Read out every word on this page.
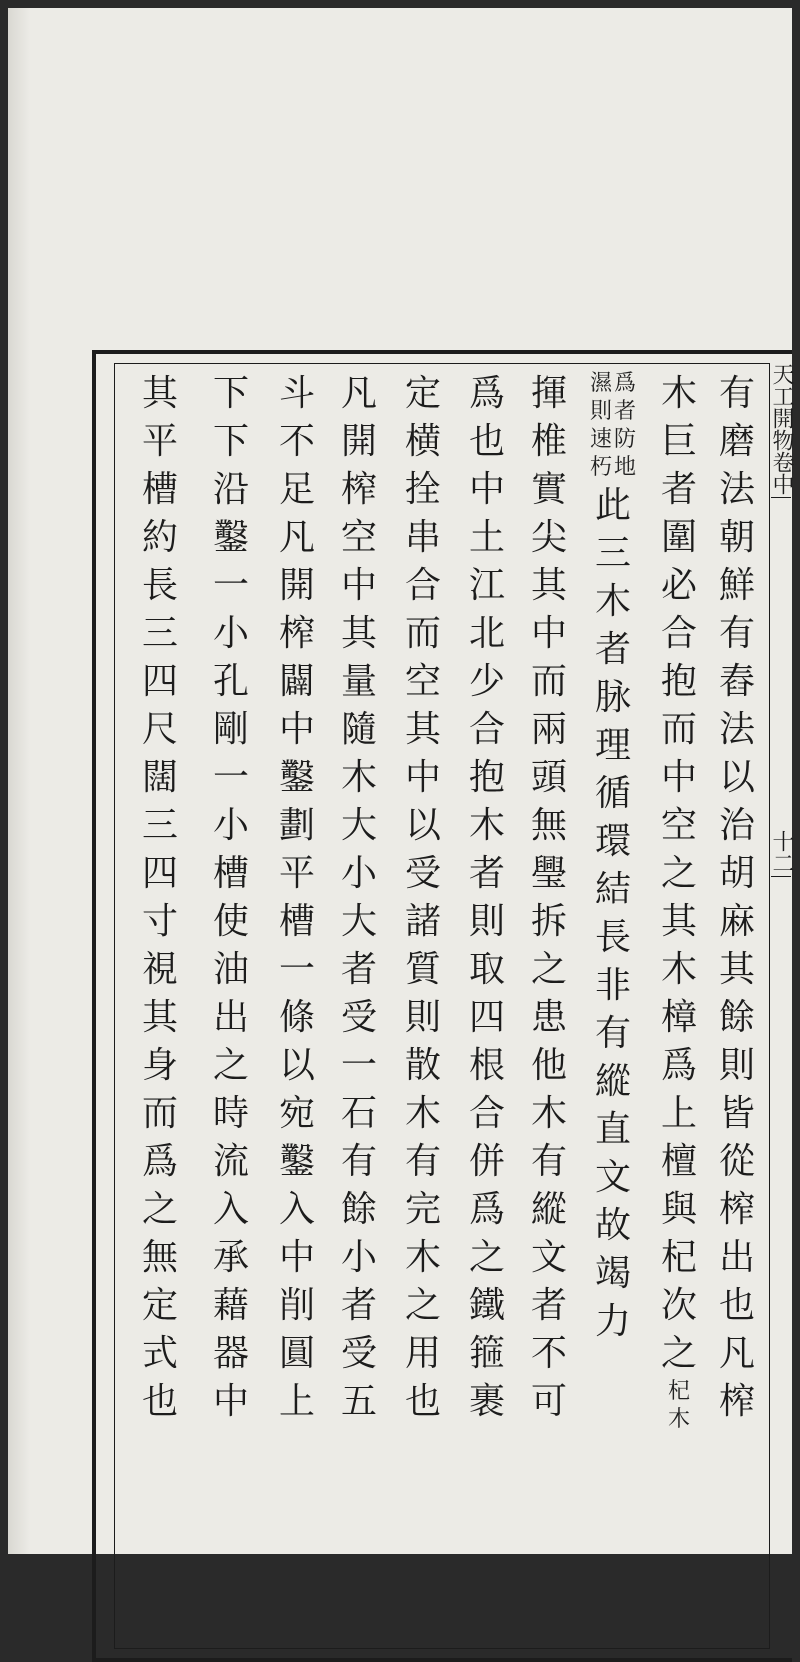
天工開物
卷中
十二
有
磨
法
朝
鮮
有
舂
法
以
治
胡
麻
其
餘
則
皆
從
榨
出
也
凡
榨
木
巨
者
圍
必
合
抱
而
中
空
之
其
木
樟
爲
上
檀
與
杞
次
之
杞
木
爲
者
防
地
濕
則
速
朽
此
三
木
者
脉
理
循
環
結
長
非
有
縱
直
文
故
竭
力
揮
椎
實
尖
其
中
而
兩
頭
無
璺
拆
之
患
他
木
有
縱
文
者
不
可
爲
也
中
土
江
北
少
合
抱
木
者
則
取
四
根
合
併
爲
之
鐵
箍
裹
定
横
拴
串
合
而
空
其
中
以
受
諸
質
則
散
木
有
完
木
之
用
也
凡
開
榨
空
中
其
量
隨
木
大
小
大
者
受
一
石
有
餘
小
者
受
五
斗
不
足
凡
開
榨
闢
中
鑿
劃
平
槽
一
條
以
宛
鑿
入
中
削
圓
上
下
下
沿
鑿
一
小
孔
剛
一
小
槽
使
油
出
之
時
流
入
承
藉
器
中
其
平
槽
約
長
三
四
尺
闊
三
四
寸
視
其
身
而
爲
之
無
定
式
也
